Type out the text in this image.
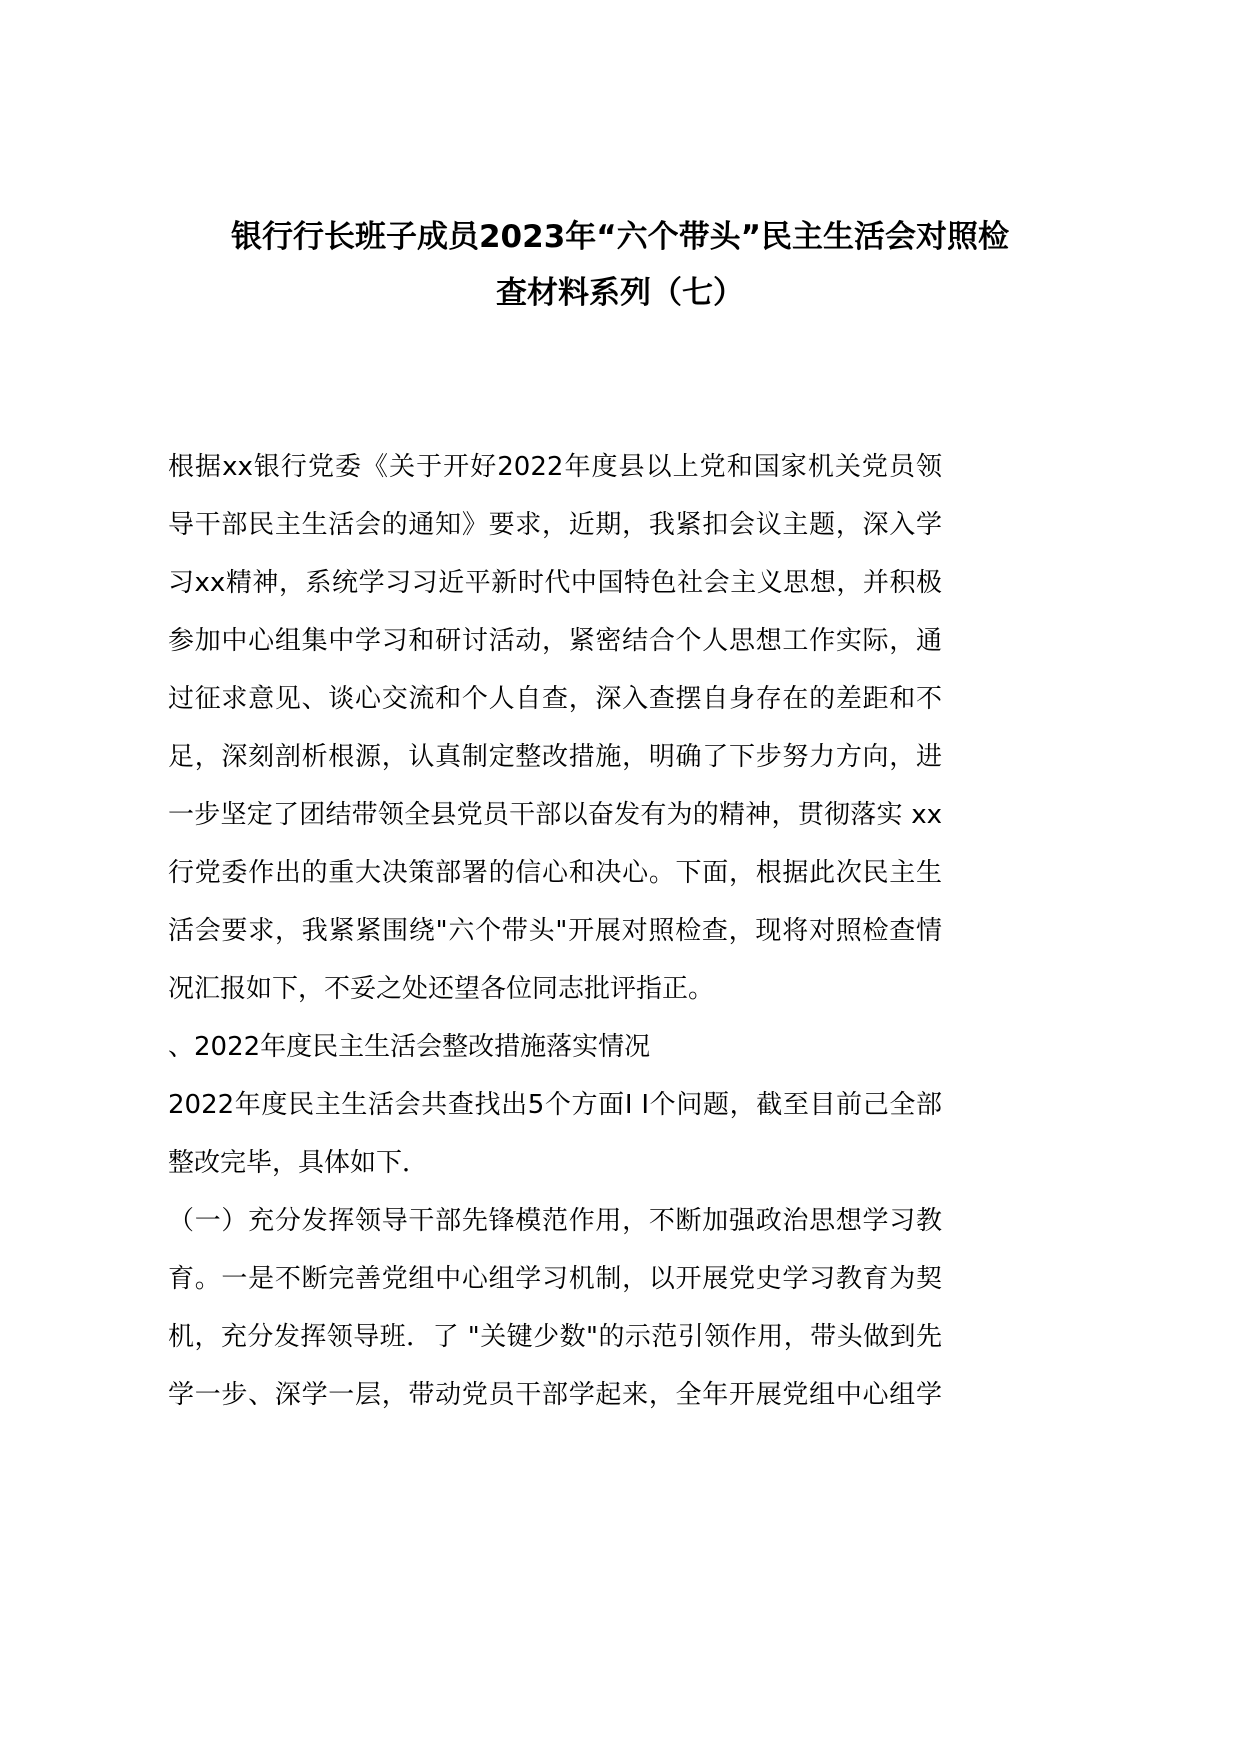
银行行长班子成员2023年“六个带头”民主生活会对照检
查材料系列（七）
根据xx银行党委《关于开好2022年度县以上党和国家机关党员领
导干部民主生活会的通知》要求，近期，我紧扣会议主题，深入学
习xx精神，系统学习习近平新时代中国特色社会主义思想，并积极
参加中心组集中学习和研讨活动，紧密结合个人思想工作实际，通
过征求意见、谈心交流和个人自查，深入查摆自身存在的差距和不
足，深刻剖析根源，认真制定整改措施，明确了下步努力方向，进
一步坚定了团结带领全县党员干部以奋发有为的精神，贯彻落实 xx
行党委作出的重大决策部署的信心和决心。下面，根据此次民主生
活会要求，我紧紧围绕"六个带头"开展对照检查，现将对照检查情
况汇报如下，不妥之处还望各位同志批评指正。
、2022年度民主生活会整改措施落实情况
2022年度民主生活会共查找出5个方面I I个问题，截至目前己全部
整改完毕，具体如下．
（一）充分发挥领导干部先锋模范作用，不断加强政治思想学习教
育。一是不断完善党组中心组学习机制，以开展党史学习教育为契
机，充分发挥领导班．了 "关键少数"的示范引领作用，带头做到先
学一步、深学一层，带动党员干部学起来，全年开展党组中心组学
